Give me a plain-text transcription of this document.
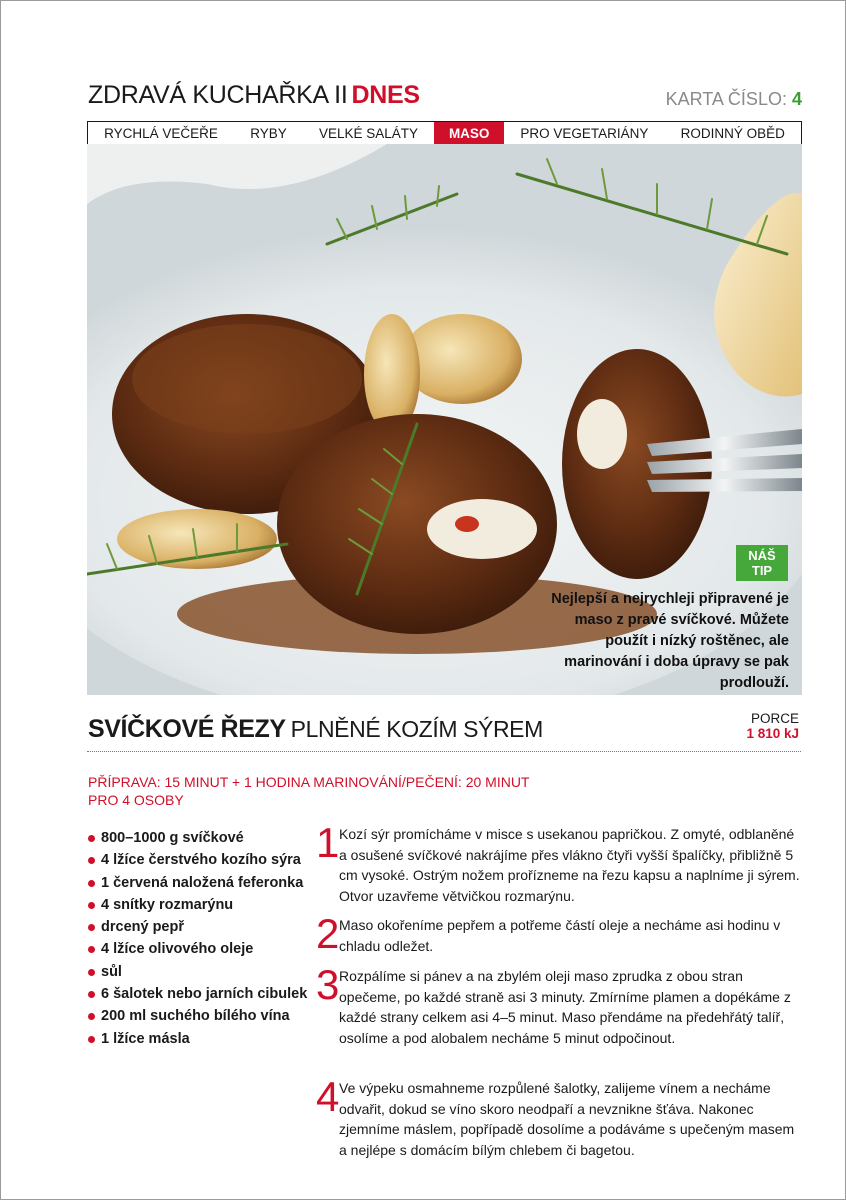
ZDRAVÁ KUCHAŘKA II DNES	KARTA ČÍSLO: 4
RYCHLÁ VEČEŘE	RYBY	VELKÉ SALÁTY	MASO	PRO VEGETARIÁNY	RODINNÝ OBĚD
NÁŠ
TIP
Nejlepší a nejrychleji připravené je maso z pravé svíčkové. Můžete použít i nízký roštěnec, ale marinování i doba úpravy se pak prodlouží.
SVÍČKOVÉ ŘEZY PLNĚNÉ KOZÍM SÝREM	PORCE
1 810 kJ
PŘÍPRAVA: 15 MINUT + 1 HODINA MARINOVÁNÍ/PEČENÍ: 20 MINUT
PRO 4 OSOBY
800–1000 g svíčkové
4 lžíce čerstvého kozího sýra
1 červená naložená feferonka
4 snítky rozmarýnu
drcený pepř
4 lžíce olivového oleje
sůl
6 šalotek nebo jarních cibulek
200 ml suchého bílého vína
1 lžíce másla
1 Kozí sýr promícháme v misce s usekanou papričkou. Z omyté, odblaněné a osušené svíčkové nakrájíme přes vlákno čtyři vyšší špalíčky, přibližně 5 cm vysoké. Ostrým nožem prořízneme na řezu kapsu a naplníme ji sýrem. Otvor uzavřeme větvičkou rozmarýnu.
2 Maso okořeníme pepřem a potřeme částí oleje a necháme asi hodinu v chladu odležet.
3 Rozpálíme si pánev a na zbylém oleji maso zprudka z obou stran opečeme, po každé straně asi 3 minuty. Zmírníme plamen a dopékáme z každé strany celkem asi 4–5 minut. Maso přendáme na předehřátý talíř, osolíme a pod alobalem necháme 5 minut odpočinout.
4 Ve výpeku osmahneme rozpůlené šalotky, zalijeme vínem a necháme odvařit, dokud se víno skoro neodpaří a nevznikne šťáva. Nakonec zjemníme máslem, popřípadě dosolíme a podáváme s upečeným masem a nejlépe s domácím bílým chlebem či bagetou.
